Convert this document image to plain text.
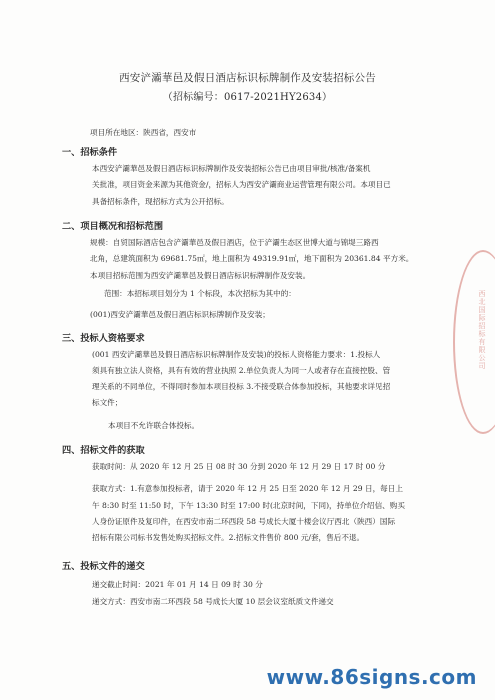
西安浐灞華邑及假日酒店标识标牌制作及安装招标公告
（招标编号：0617-2021HY2634）
项目所在地区：陕西省，西安市
一、招标条件
本西安浐灞華邑及假日酒店标识标牌制作及安装招标公告已由项目审批/核准/备案机
关批准，项目资金来源为其他资金/，招标人为西安浐灞商业运营管理有限公司。本项目已
具备招标条件，现招标方式为公开招标。
二、项目概况和招标范围
规模：自贸国际酒店包含浐灞華邑及假日酒店，位于浐灞生态区世博大道与锦堤三路西
北角，总建筑面积为 69681.75㎡，地上面积为 49319.91㎡，地下面积为 20361.84 平方米。
本项目招标范围为西安浐灞華邑及假日酒店标识标牌制作及安装。
范围：本招标项目划分为 1 个标段，本次招标为其中的：
(001)西安浐灞華邑及假日酒店标识标牌制作及安装；
三、投标人资格要求
(001 西安浐灞華邑及假日酒店标识标牌制作及安装)的投标人资格能力要求：1.投标人
须具有独立法人资格，具有有效的营业执照 2.单位负责人为同一人或者存在直接控股、管
理关系的不同单位，不得同时参加本项目投标 3.不接受联合体参加投标，其他要求详见招
标文件；
本项目不允许联合体投标。
四、招标文件的获取
获取时间：从 2020 年 12 月 25 日 08 时 30 分到 2020 年 12 月 29 日 17 时 00 分
获取方式：1.有意参加投标者，请于 2020 年 12 月 25 日至 2020 年 12 月 29 日，每日上
午 8:30 时至 11:50 时，下午 13:30 时至 17:00 时(北京时间，下同)，持单位介绍信、购买
人身份证原件及复印件，在西安市南二环西段 58 号成长大厦十楼会议厅西北（陕西）国际
招标有限公司标书发售处购买招标文件。2.招标文件售价 800 元/套，售后不退。
五、投标文件的递交
递交截止时间：2021 年 01 月 14 日 09 时 30 分
递交方式：西安市南二环西段 58 号成长大厦 10 层会议室纸质文件递交
西北国际招标有限公司
www.86signs.com
